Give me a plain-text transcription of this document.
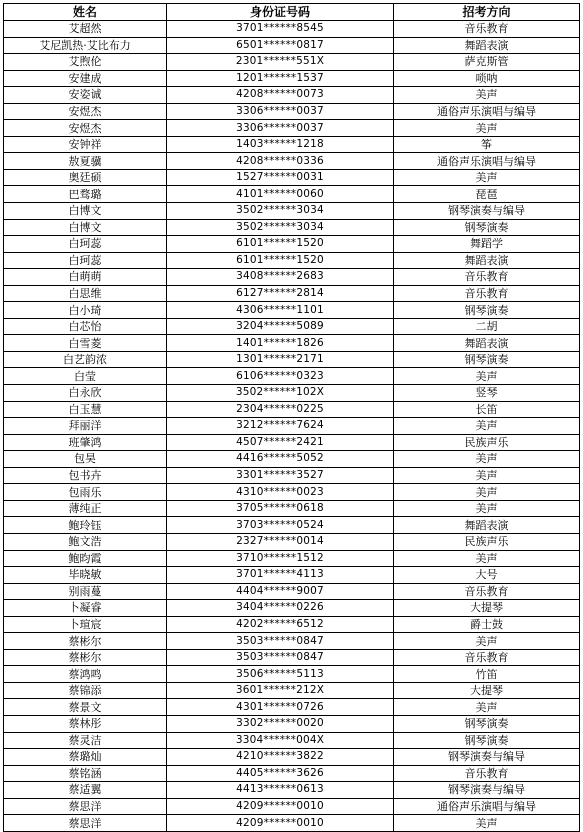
姓名	身份证号码	招考方向
艾超然	3701******8545	音乐教育
艾尼凯热·艾比布力	6501******0817	舞蹈表演
艾煦伦	2301******551X	萨克斯管
安建成	1201******1537	唢呐
安姿诚	4208******0073	美声
安煜杰	3306******0037	通俗声乐演唱与编导
安煜杰	3306******0037	美声
安钟祥	1403******1218	筝
敖夏骥	4208******0336	通俗声乐演唱与编导
奥廷硕	1527******0031	美声
巴骛璐	4101******0060	琵琶
白博文	3502******3034	钢琴演奏与编导
白博文	3502******3034	钢琴演奏
白珂蕊	6101******1520	舞蹈学
白珂蕊	6101******1520	舞蹈表演
白萌萌	3408******2683	音乐教育
白思维	6127******2814	音乐教育
白小琦	4306******1101	钢琴演奏
白芯怡	3204******5089	二胡
白雪菱	1401******1826	舞蹈表演
白艺韵浓	1301******2171	钢琴演奏
白莹	6106******0323	美声
白永欣	3502******102X	竖琴
白玉慧	2304******0225	长笛
拜丽洋	3212******7624	美声
班肇鸿	4507******2421	民族声乐
包昊	4416******5052	美声
包书卉	3301******3527	美声
包雨乐	4310******0023	美声
薄纯正	3705******0618	美声
鲍玲钰	3703******0524	舞蹈表演
鲍文浩	2327******0014	民族声乐
鲍昀霞	3710******1512	美声
毕晓敏	3701******4113	大号
别雨蔓	4404******9007	音乐教育
卜凝睿	3404******0226	大提琴
卜瑄宸	4202******6512	爵士鼓
蔡彬尔	3503******0847	美声
蔡彬尔	3503******0847	音乐教育
蔡鸿鸣	3506******5113	竹笛
蔡锦添	3601******212X	大提琴
蔡景文	4301******0726	美声
蔡林彤	3302******0020	钢琴演奏
蔡灵洁	3304******004X	钢琴演奏
蔡璐灿	4210******3822	钢琴演奏与编导
蔡铭涵	4405******3626	音乐教育
蔡适翼	4413******0613	钢琴演奏与编导
蔡思洋	4209******0010	通俗声乐演唱与编导
蔡思洋	4209******0010	美声
